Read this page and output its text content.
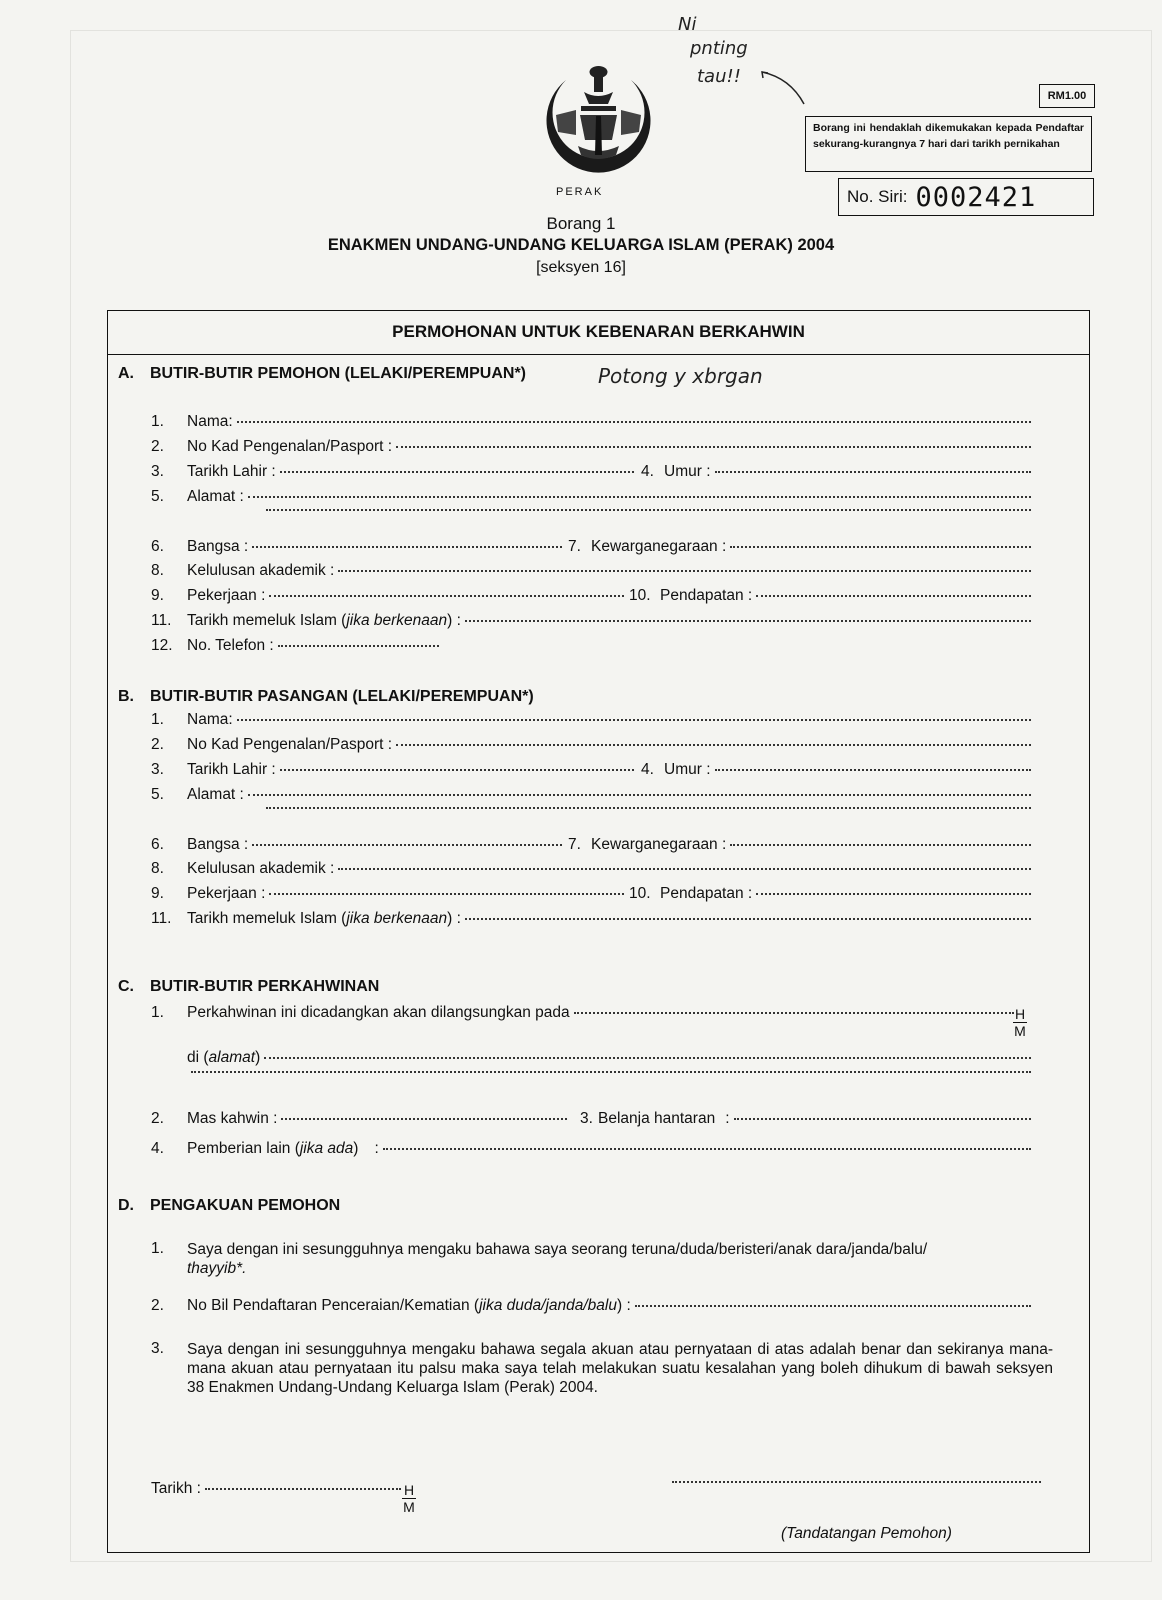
PERAK
Ni
pnting
tau!!
RM1.00
Borang ini hendaklah dikemukakan kepada Pendaftar sekurang-kurangnya 7 hari dari tarikh pernikahan
No. Siri: 0002421
Borang 1
ENAKMEN UNDANG-UNDANG KELUARGA ISLAM (PERAK) 2004
[seksyen 16]
PERMOHONAN UNTUK KEBENARAN BERKAHWIN
A. BUTIR-BUTIR PEMOHON (LELAKI/PEREMPUAN*)	Potong y xbrgan
1.	Nama:
2.	No Kad Pengenalan/Pasport :
3.	Tarikh Lahir :	4. Umur :
5.	Alamat :
6.	Bangsa :	7. Kewarganegaraan :
8.	Kelulusan akademik :
9.	Pekerjaan :	10. Pendapatan :
11.	Tarikh memeluk Islam ( jika berkenaan ) :
12. No. Telefon :
B. BUTIR-BUTIR PASANGAN (LELAKI/PEREMPUAN*)
1.	Nama:
2.	No Kad Pengenalan/Pasport :
3.	Tarikh Lahir :	4. Umur :
5.	Alamat :
6.	Bangsa :	7. Kewarganegaraan :
8.	Kelulusan akademik :
9.	Pekerjaan :	10. Pendapatan :
11.	Tarikh memeluk Islam ( jika berkenaan ) :
C. BUTIR-BUTIR PERKAHWINAN
1.	Perkahwinan ini dicadangkan akan dilangsungkan pada	H
M
di ( alamat )
2.	Mas kahwin :	3. Belanja hantaran :
4.	Pemberian lain ( jika ada ) :
D. PENGAKUAN PEMOHON
1. Saya dengan ini sesungguhnya mengaku bahawa saya seorang teruna/duda/beristeri/anak dara/janda/balu/
thayyib*.
2.	No Bil Pendaftaran Penceraian/Kematian ( jika duda/janda/balu ) :
3. Saya dengan ini sesungguhnya mengaku bahawa segala akuan atau pernyataan di atas adalah benar dan sekiranya mana-mana akuan atau pernyataan itu palsu maka saya telah melakukan suatu kesalahan yang boleh dihukum di bawah seksyen 38 Enakmen Undang-Undang Keluarga Islam (Perak) 2004.
Tarikh :	H
M
(Tandatangan Pemohon)
